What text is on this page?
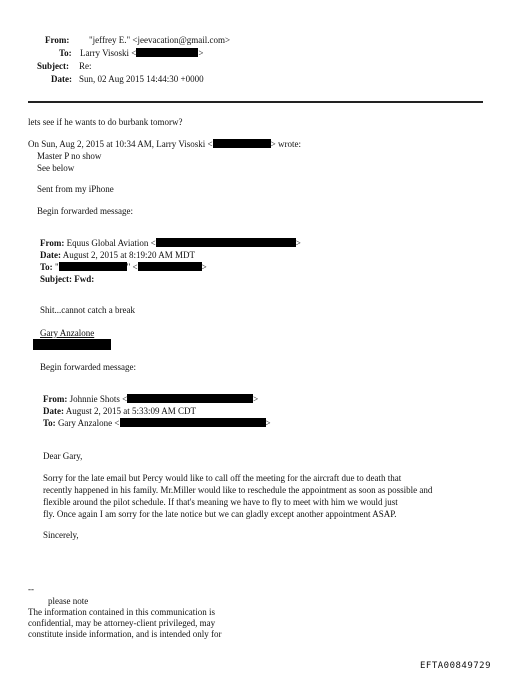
From: "jeffrey E." <jeevacation@gmail.com>
To: Larry Visoski <	>
Subject: Re:
Date: Sun, 02 Aug 2015 14:44:30 +0000
lets see if he wants to do burbank tomorw?
On Sun, Aug 2, 2015 at 10:34 AM, Larry Visoski <	> wrote:
Master P no show
See below
Sent from my iPhone
Begin forwarded message:
From: Equus Global Aviation <	>
Date: August 2, 2015 at 8:19:20 AM MDT
To: "	" <	>
Subject: Fwd:
Shit...cannot catch a break
Gary Anzalone
Begin forwarded message:
From: Johnnie Shots <	>
Date: August 2, 2015 at 5:33:09 AM CDT
To: Gary Anzalone <	>
Dear Gary,
Sorry for the late email but Percy would like to call off the meeting for the aircraft due to death that
recently happened in his family. Mr.Miller would like to reschedule the appointment as soon as possible and
flexible around the pilot schedule. If that's meaning we have to fly to meet with him we would just
fly. Once again I am sorry for the late notice but we can gladly except another appointment ASAP.
Sincerely,
--
please note
The information contained in this communication is
confidential, may be attorney-client privileged, may
constitute inside information, and is intended only for
EFTA00849729
